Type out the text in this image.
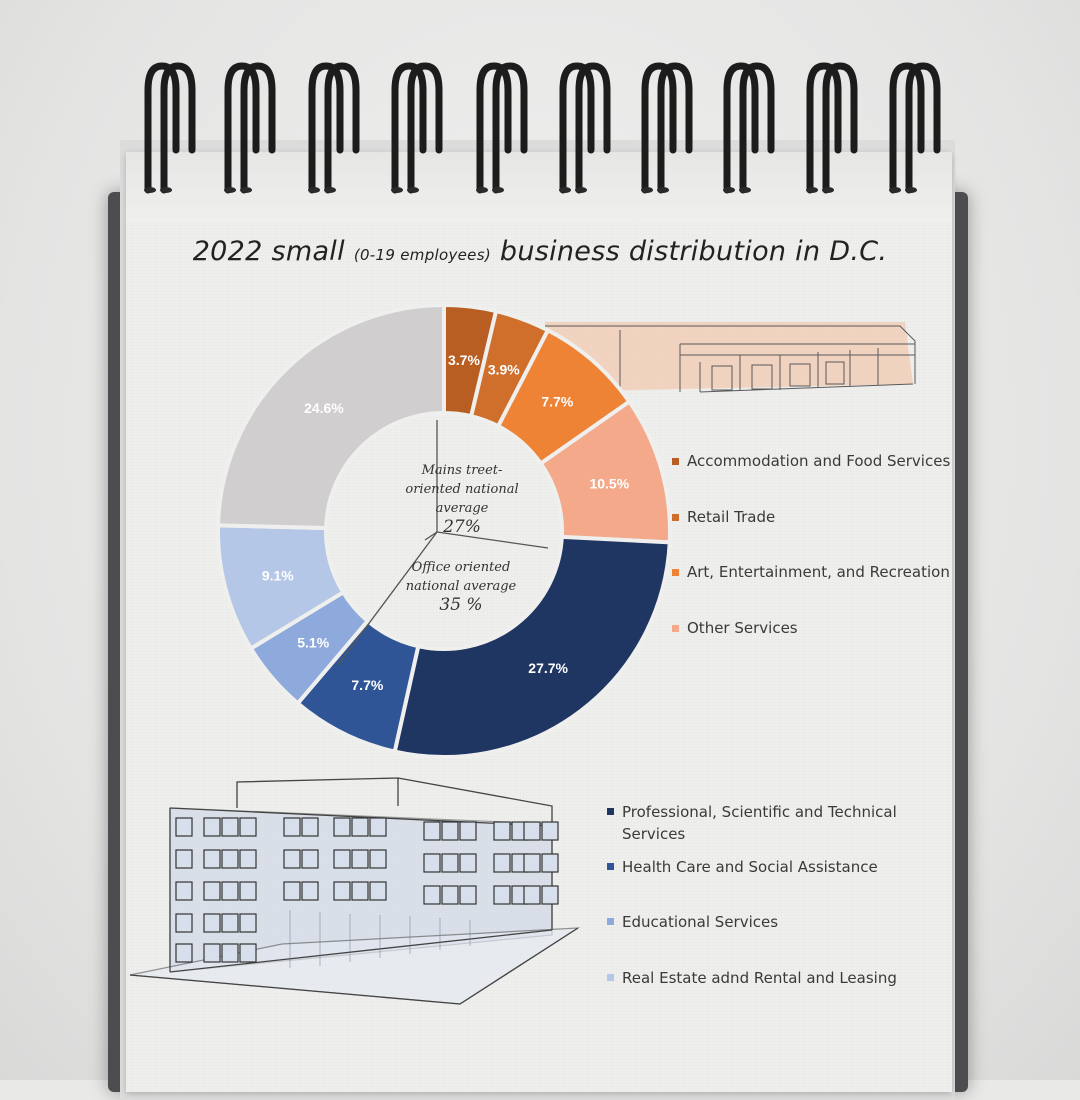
3.7%
3.9%
7.7%
10.5%
27.7%
7.7%
5.1%
9.1%
24.6%
2022 small (0-19 employees) business distribution in D.C.
Mains treet-oriented national average
27%
Office oriented national average
35 %
Accommodation and Food Services
Retail Trade
Art, Entertainment, and Recreation
Other Services
Professional, Scientific and Technical Services
Health Care and Social Assistance
Educational Services
Real Estate adnd Rental and Leasing
